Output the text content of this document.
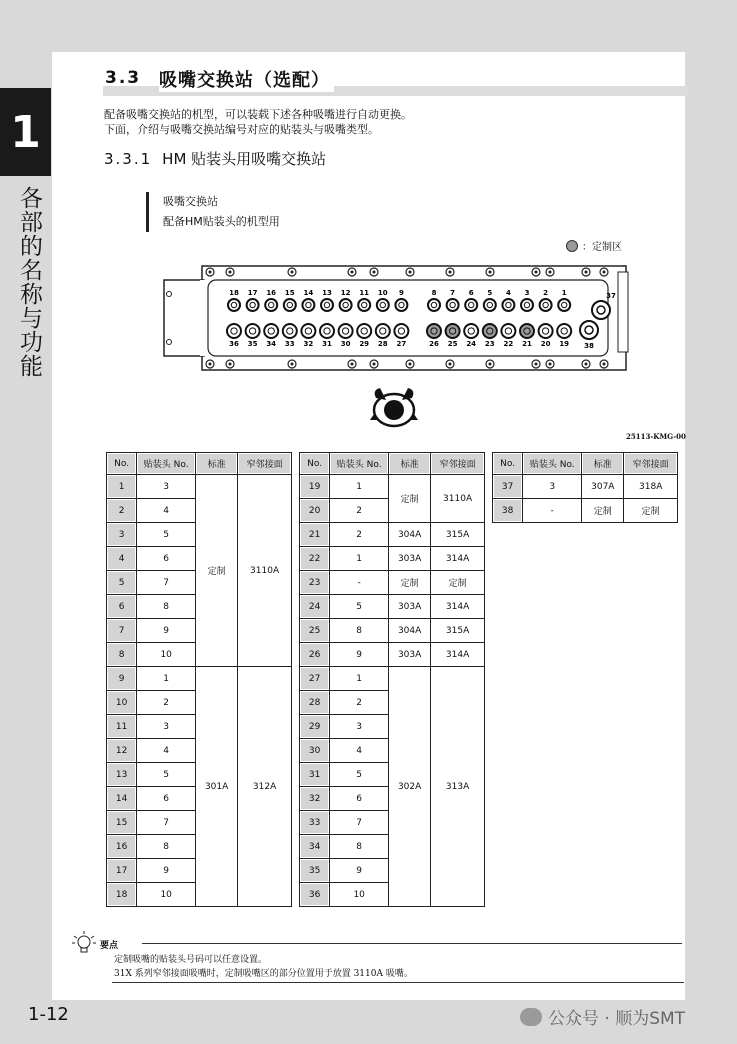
1
各部的名称与功能
1-12	公众号 · 顺为SMT
3.3 吸嘴交换站（选配）
配备吸嘴交换站的机型，可以装载下述各种吸嘴进行自动更换。
下面，介绍与吸嘴交换站编号对应的贴装头与吸嘴类型。
3.3.1 HM 贴装头用吸嘴交换站
吸嘴交换站
配备HM贴装头的机型用
：定制区
18 17 16 15 14 13 12 11 10 9	8 7 6 5 4 3 2 1
36 35 34 33 32 31 30 29 28 27	26 25 24 23 22 21 20 19
37
38
25113-KMG-00
No.	贴装头 No.	标准	窄邻接面
1	3	定制	3110A
2	4		
3	5		
4	6		
5	7		
6	8		
7	9		
8	10		
9	1	301A	312A
10	2		
11	3		
12	4		
13	5		
14	6		
15	7		
16	8		
17	9		
18	10		
No.	贴装头 No.	标准	窄邻接面
19	1	定制	3110A
20	2		
21	2	304A	315A
22	1	303A	314A
23	-	定制	定制
24	5	303A	314A
25	8	304A	315A
26	9	303A	314A
27	1	302A	313A
28	2		
29	3		
30	4		
31	5		
32	6		
33	7		
34	8		
35	9		
36	10		
No.	贴装头 No.	标准	窄邻接面
37	3	307A	318A
38	-	定制	定制
要点
定制吸嘴的贴装头号码可以任意设置。
31X 系列窄邻接面吸嘴时，定制吸嘴区的部分位置用于放置 3110A 吸嘴。
